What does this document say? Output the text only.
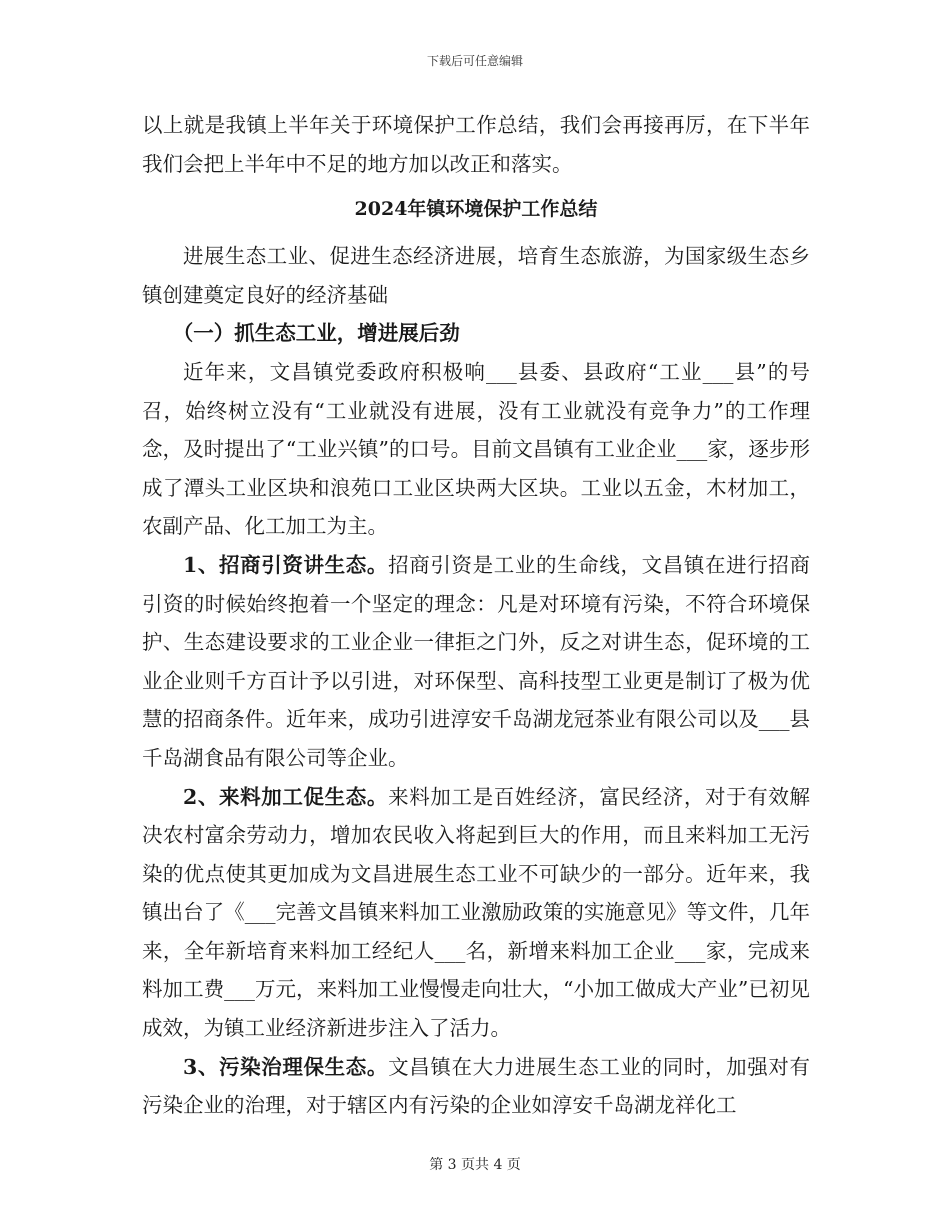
下载后可任意编辑

以上就是我镇上半年关于环境保护工作总结，我们会再接再厉，在下半年我们会把上半年中不足的地方加以改正和落实。

2024年镇环境保护工作总结

进展生态工业、促进生态经济进展，培育生态旅游，为国家级生态乡镇创建奠定良好的经济基础

（一）抓生态工业，增进展后劲

近年来，文昌镇党委政府积极响___县委、县政府“工业___县”的号召，始终树立没有“工业就没有进展，没有工业就没有竞争力”的工作理念，及时提出了“工业兴镇”的口号。目前文昌镇有工业企业___家，逐步形成了潭头工业区块和浪苑口工业区块两大区块。工业以五金，木材加工，农副产品、化工加工为主。

1、招商引资讲生态。招商引资是工业的生命线，文昌镇在进行招商引资的时候始终抱着一个坚定的理念：凡是对环境有污染，不符合环境保护、生态建设要求的工业企业一律拒之门外，反之对讲生态，促环境的工业企业则千方百计予以引进，对环保型、高科技型工业更是制订了极为优慧的招商条件。近年来，成功引进淳安千岛湖龙冠茶业有限公司以及___县千岛湖食品有限公司等企业。

2、来料加工促生态。来料加工是百姓经济，富民经济，对于有效解决农村富余劳动力，增加农民收入将起到巨大的作用，而且来料加工无污染的优点使其更加成为文昌进展生态工业不可缺少的一部分。近年来，我镇出台了《___完善文昌镇来料加工业激励政策的实施意见》等文件，几年来，全年新培育来料加工经纪人___名，新增来料加工企业___家，完成来料加工费___万元，来料加工业慢慢走向壮大，“小加工做成大产业”已初见成效，为镇工业经济新进步注入了活力。

3、污染治理保生态。文昌镇在大力进展生态工业的同时，加强对有污染企业的治理，对于辖区内有污染的企业如淳安千岛湖龙祥化工

第 3 页共 4 页
